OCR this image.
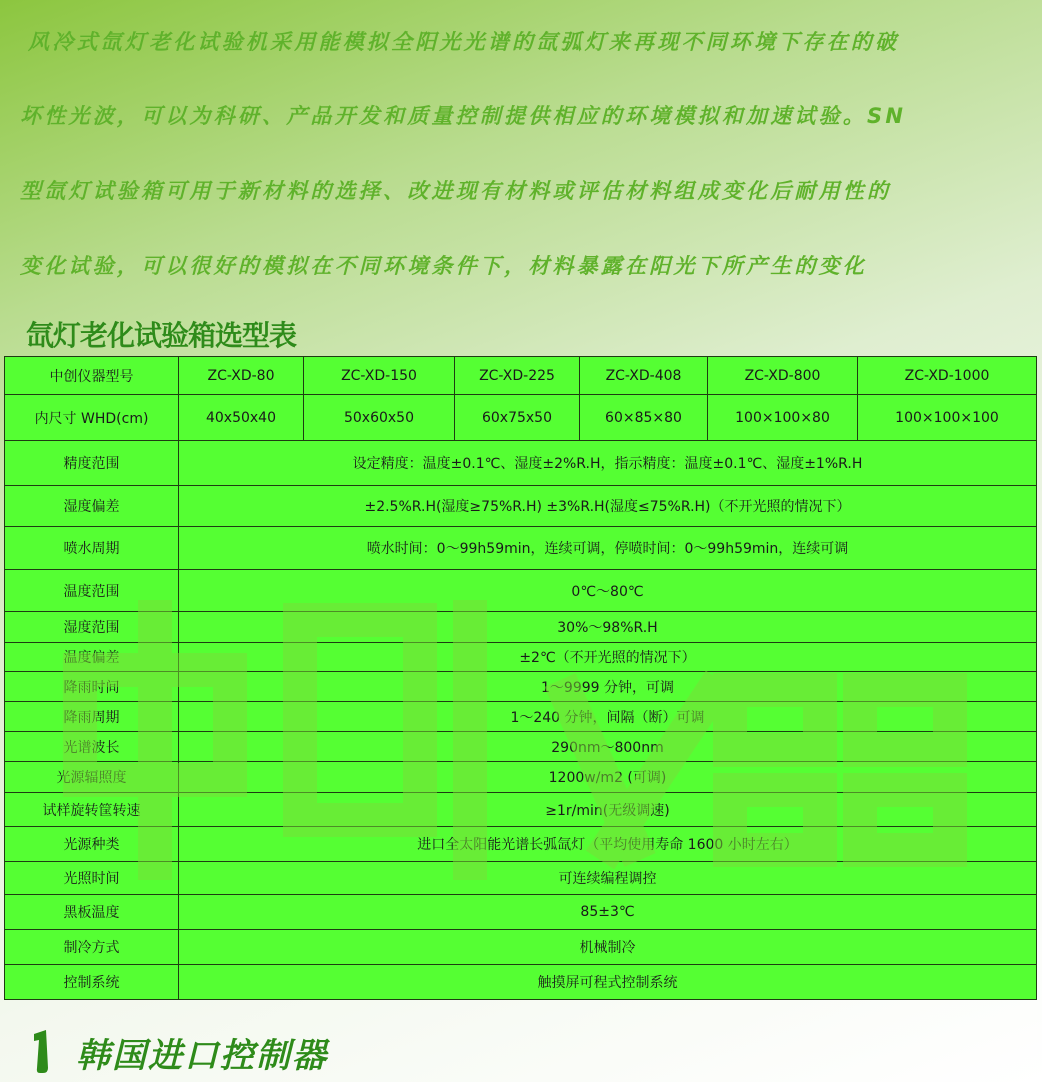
风冷式氙灯老化试验机采用能模拟全阳光光谱的氙弧灯来再现不同环境下存在的破
坏性光波，可以为科研、产品开发和质量控制提供相应的环境模拟和加速试验。SN
型氙灯试验箱可用于新材料的选择、改进现有材料或评估材料组成变化后耐用性的
变化试验，可以很好的模拟在不同环境条件下，材料暴露在阳光下所产生的变化
氙灯老化试验箱选型表
中创仪器型号	ZC-XD-80	ZC-XD-150	ZC-XD-225	ZC-XD-408	ZC-XD-800	ZC-XD-1000
内尺寸 WHD(cm)	40x50x40	50x60x50	60x75x50	60×85×80	100×100×80	100×100×100
精度范围	设定精度：温度±0.1℃、湿度±2%R.H，指示精度：温度±0.1℃、湿度±1%R.H					
湿度偏差	±2.5%R.H(湿度≥75%R.H) ±3%R.H(湿度≤75%R.H)（不开光照的情况下）					
喷水周期	喷水时间：0～99h59min，连续可调，停喷时间：0～99h59min，连续可调					
温度范围	0℃～80℃					
湿度范围	30%～98%R.H					
温度偏差	±2℃（不开光照的情况下）					
降雨时间	1～9999 分钟，可调					
降雨周期	1～240 分钟，间隔（断）可调					
光谱波长	290nm～800nm					
光源辐照度	1200w/m2 (可调)					
试样旋转筐转速	≥1r/min(无级调速)					
光源种类	进口全太阳能光谱长弧氙灯（平均使用寿命 1600 小时左右）					
光照时间	可连续编程调控					
黑板温度	85±3℃					
制冷方式	机械制冷					
控制系统	触摸屏可程式控制系统					
韩国进口控制器
